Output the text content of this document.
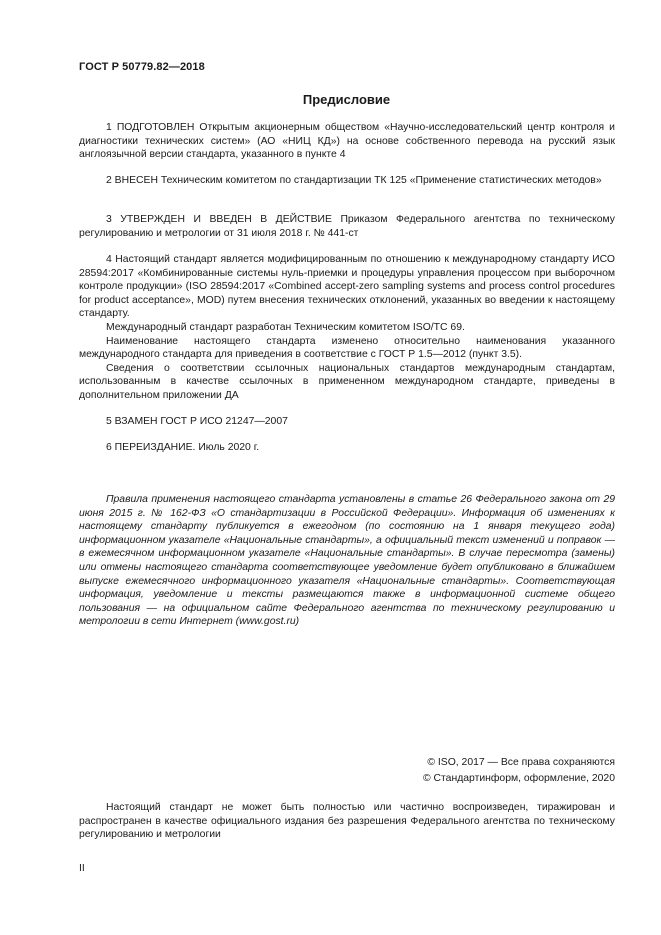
ГОСТ Р 50779.82—2018
Предисловие

1 ПОДГОТОВЛЕН Открытым акционерным обществом «Научно-исследовательский центр контроля и диагностики технических систем» (АО «НИЦ КД») на основе собственного перевода на русский язык англоязычной версии стандарта, указанного в пункте 4

2 ВНЕСЕН Техническим комитетом по стандартизации ТК 125 «Применение статистических методов»

3 УТВЕРЖДЕН И ВВЕДЕН В ДЕЙСТВИЕ Приказом Федерального агентства по техническому регулированию и метрологии от 31 июля 2018 г. № 441-ст

4 Настоящий стандарт является модифицированным по отношению к международному стандарту ИСО 28594:2017 «Комбинированные системы нуль-приемки и процедуры управления процессом при выборочном контроле продукции» (ISO 28594:2017 «Combined accept-zero sampling systems and process control procedures for product acceptance», MOD) путем внесения технических отклонений, указанных во введении к настоящему стандарту.

Международный стандарт разработан Техническим комитетом ISO/TC 69.

Наименование настоящего стандарта изменено относительно наименования указанного международного стандарта для приведения в соответствие с ГОСТ Р 1.5—2012 (пункт 3.5).

Сведения о соответствии ссылочных национальных стандартов международным стандартам, использованным в качестве ссылочных в примененном международном стандарте, приведены в дополнительном приложении ДА

5 ВЗАМЕН ГОСТ Р ИСО 21247—2007

6 ПЕРЕИЗДАНИЕ. Июль 2020 г.

Правила применения настоящего стандарта установлены в статье 26 Федерального закона от 29 июня 2015 г. № 162-ФЗ «О стандартизации в Российской Федерации». Информация об изменениях к настоящему стандарту публикуется в ежегодном (по состоянию на 1 января текущего года) информационном указателе «Национальные стандарты», а официальный текст изменений и поправок — в ежемесячном информационном указателе «Национальные стандарты». В случае пересмотра (замены) или отмены настоящего стандарта соответствующее уведомление будет опубликовано в ближайшем выпуске ежемесячного информационного указателя «Национальные стандарты». Соответствующая информация, уведомление и тексты размещаются также в информационной системе общего пользования — на официальном сайте Федерального агентства по техническому регулированию и метрологии в сети Интернет (www.gost.ru)

© ISO, 2017 — Все права сохраняются
© Стандартинформ, оформление, 2020

Настоящий стандарт не может быть полностью или частично воспроизведен, тиражирован и распространен в качестве официального издания без разрешения Федерального агентства по техническому регулированию и метрологии

II
